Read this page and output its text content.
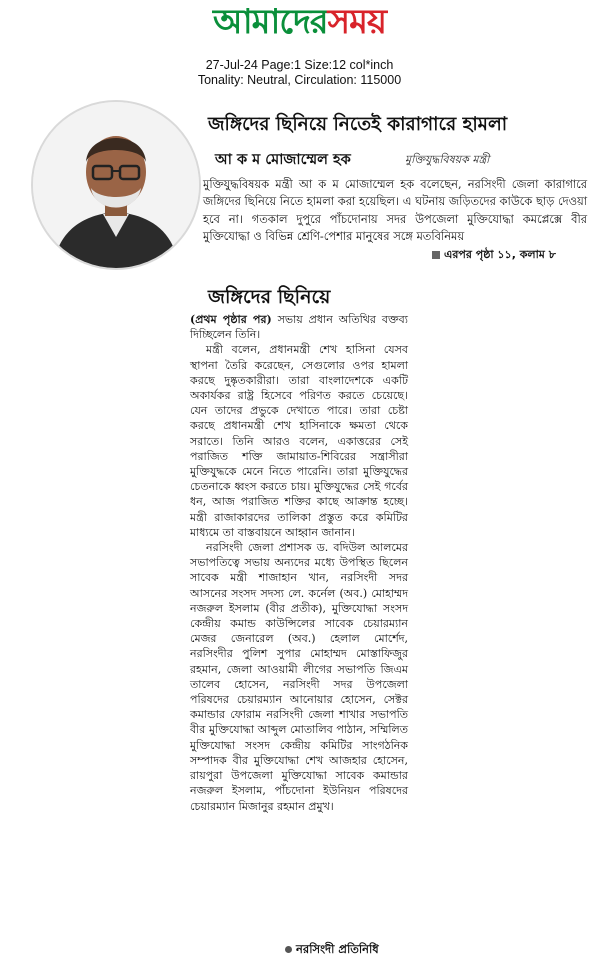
আমাদেরসময়
27-Jul-24 Page:1 Size:12 col*inch
Tonality: Neutral, Circulation: 115000
জঙ্গিদের ছিনিয়ে নিতেই কারাগারে হামলা
আ ক ম মোজাম্মেল হক	মুক্তিযুদ্ধবিষয়ক মন্ত্রী
মুক্তিযুদ্ধবিষয়ক মন্ত্রী আ ক ম মোজাম্মেল হক বলেছেন, নরসিংদী জেলা কারাগারে জঙ্গিদের ছিনিয়ে নিতে হামলা করা হয়েছিল। এ ঘটনায় জড়িতদের কাউকে ছাড় দেওয়া হবে না। গতকাল দুপুরে পাঁচদোনায় সদর উপজেলা মুক্তিযোদ্ধা কমপ্লেক্সে বীর মুক্তিযোদ্ধা ও বিভিন্ন শ্রেণি-পেশার মানুষের সঙ্গে মতবিনিময়
এরপর পৃষ্ঠা ১১, কলাম ৮
জঙ্গিদের ছিনিয়ে

(প্রথম পৃষ্ঠার পর) সভায় প্রধান অতিথির বক্তব্য দিচ্ছিলেন তিনি।

মন্ত্রী বলেন, প্রধানমন্ত্রী শেখ হাসিনা যেসব স্থাপনা তৈরি করেছেন, সেগুলোর ওপর হামলা করছে দুষ্কৃতকারীরা। তারা বাংলাদেশকে একটি অকার্যকর রাষ্ট্র হিসেবে পরিণত করতে চেয়েছে। যেন তাদের প্রভুকে দেখাতে পারে। তারা চেষ্টা করছে প্রধানমন্ত্রী শেখ হাসিনাকে ক্ষমতা থেকে সরাতে। তিনি আরও বলেন, একাত্তরের সেই পরাজিত শক্তি জামায়াত-শিবিরের সন্ত্রাসীরা মুক্তিযুদ্ধকে মেনে নিতে পারেনি। তারা মুক্তিযুদ্ধের চেতনাকে ধ্বংস করতে চায়। মুক্তিযুদ্ধের সেই গর্বের ধন, আজ পরাজিত শক্তির কাছে আক্রান্ত হচ্ছে। মন্ত্রী রাজাকারদের তালিকা প্রস্তুত করে কমিটির মাধ্যমে তা বাস্তবায়নে আহ্বান জানান।

নরসিংদী জেলা প্রশাসক ড. বদিউল আলমের সভাপতিত্বে সভায় অন্যদের মধ্যে উপস্থিত ছিলেন সাবেক মন্ত্রী শাজাহান খান, নরসিংদী সদর আসনের সংসদ সদস্য লে. কর্নেল (অব.) মোহাম্মদ নজরুল ইসলাম (বীর প্রতীক), মুক্তিযোদ্ধা সংসদ কেন্দ্রীয় কমান্ড কাউন্সিলের সাবেক চেয়ারম্যান মেজর জেনারেল (অব.) হেলাল মোর্শেদ, নরসিংদীর পুলিশ সুপার মোহাম্মদ মোস্তাফিজুর রহমান, জেলা আওয়ামী লীগের সভাপতি জিএম তালেব হোসেন, নরসিংদী সদর উপজেলা পরিষদের চেয়ারম্যান আনোয়ার হোসেন, সেক্টর কমান্ডার ফোরাম নরসিংদী জেলা শাখার সভাপতি বীর মুক্তিযোদ্ধা আব্দুল মোতালিব পাঠান, সম্মিলিত মুক্তিযোদ্ধা সংসদ কেন্দ্রীয় কমিটির সাংগঠনিক সম্পাদক বীর মুক্তিযোদ্ধা শেখ আজহার হোসেন, রায়পুরা উপজেলা মুক্তিযোদ্ধা সাবেক কমান্ডার নজরুল ইসলাম, পাঁচদোনা ইউনিয়ন পরিষদের চেয়ারম্যান মিজানুর রহমান প্রমুখ।

নরসিংদী প্রতিনিধি
